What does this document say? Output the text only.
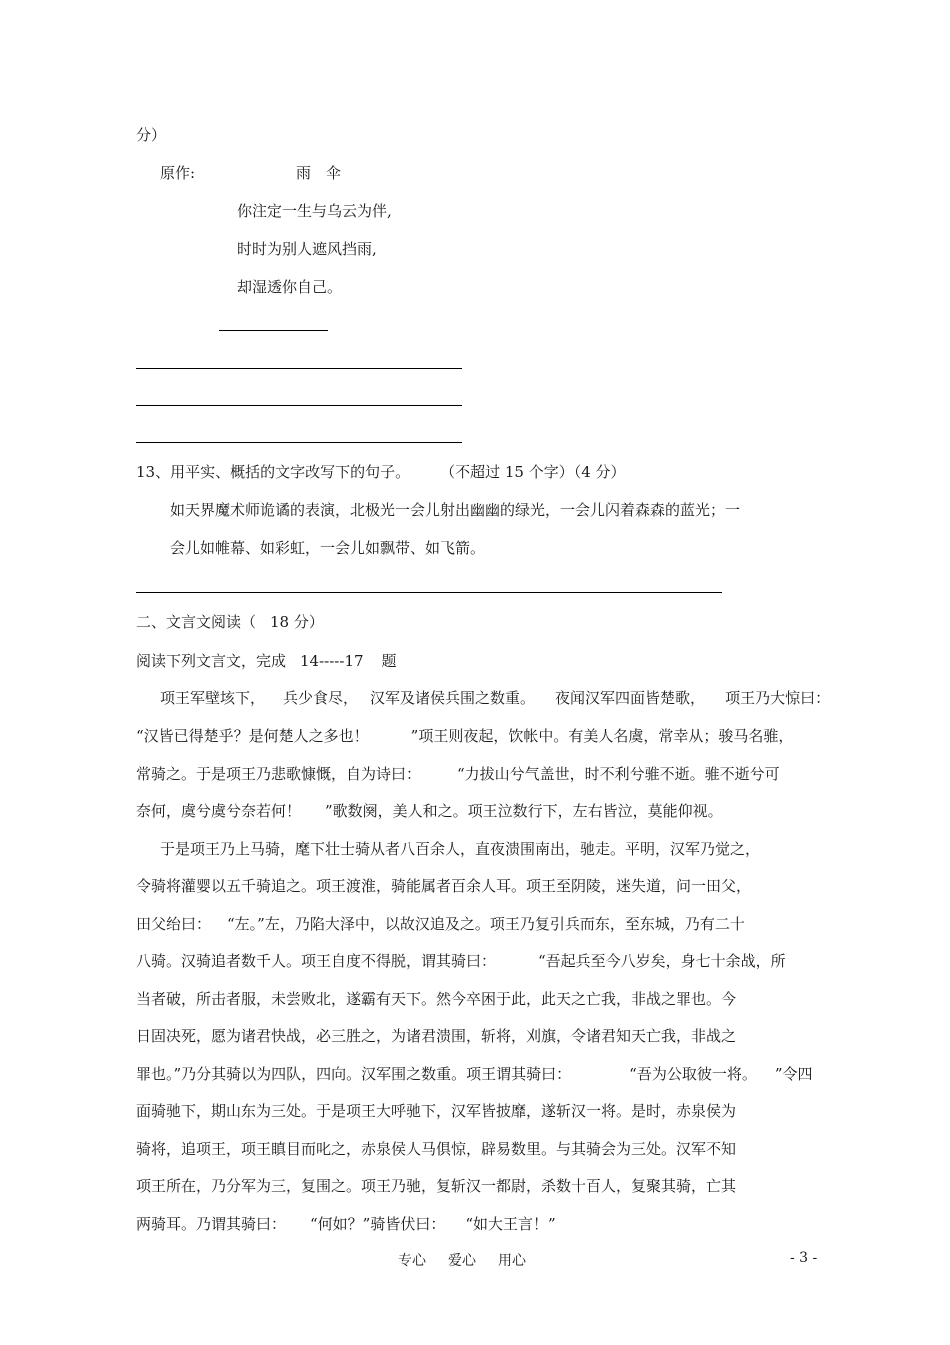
分）
原作:	雨　伞
你注定一生与乌云为伴,
时时为别人遮风挡雨,
却湿透你自己。
13、用平实、概括的文字改写下的句子。 （不超过 15 个字）（4 分）
如天界魔术师诡谲的表演，北极光一会儿射出幽幽的绿光，一会儿闪着森森的蓝光；一
会儿如帷幕、如彩虹，一会儿如飘带、如飞箭。
二、文言文阅读（ 18 分）
阅读下列文言文，完成 14-----17 题
项王军壁垓下， 兵少食尽， 汉军及诸侯兵围之数重。 夜闻汉军四面皆楚歌， 项王乃大惊曰：
“汉皆已得楚乎？是何楚人之多也！	”项王则夜起，饮帐中。有美人名虞，常幸从；骏马名骓，
常骑之。于是项王乃悲歌慷慨，自为诗曰： “力拔山兮气盖世，时不利兮骓不逝。骓不逝兮可
奈何，虞兮虞兮奈若何！ ”歌数阕，美人和之。项王泣数行下，左右皆泣，莫能仰视。
于是项王乃上马骑，麾下壮士骑从者八百余人，直夜溃围南出，驰走。平明，汉军乃觉之，
令骑将灌婴以五千骑追之。项王渡淮，骑能属者百余人耳。项王至阴陵，迷失道，问一田父，
田父绐曰： “左。”左，乃陷大泽中，以故汉追及之。项王乃复引兵而东，至东城，乃有二十
八骑。汉骑追者数千人。项王自度不得脱，谓其骑曰：	“吾起兵至今八岁矣，身七十余战，所
当者破，所击者服，未尝败北，遂霸有天下。然今卒困于此，此天之亡我，非战之罪也。今
日固决死，愿为诸君快战，必三胜之，为诸君溃围，斩将，刈旗，令诸君知天亡我，非战之
罪也。”乃分其骑以为四队，四向。汉军围之数重。项王谓其骑曰：	“吾为公取彼一将。 ”令四
面骑驰下，期山东为三处。于是项王大呼驰下，汉军皆披靡，遂斩汉一将。是时，赤泉侯为
骑将，追项王，项王瞋目而叱之，赤泉侯人马俱惊，辟易数里。与其骑会为三处。汉军不知
项王所在，乃分军为三，复围之。项王乃驰，复斩汉一都尉，杀数十百人，复聚其骑，亡其
两骑耳。乃谓其骑曰： “何如？”骑皆伏曰： “如大王言！”
专心 爱心 用心	- 3 -
